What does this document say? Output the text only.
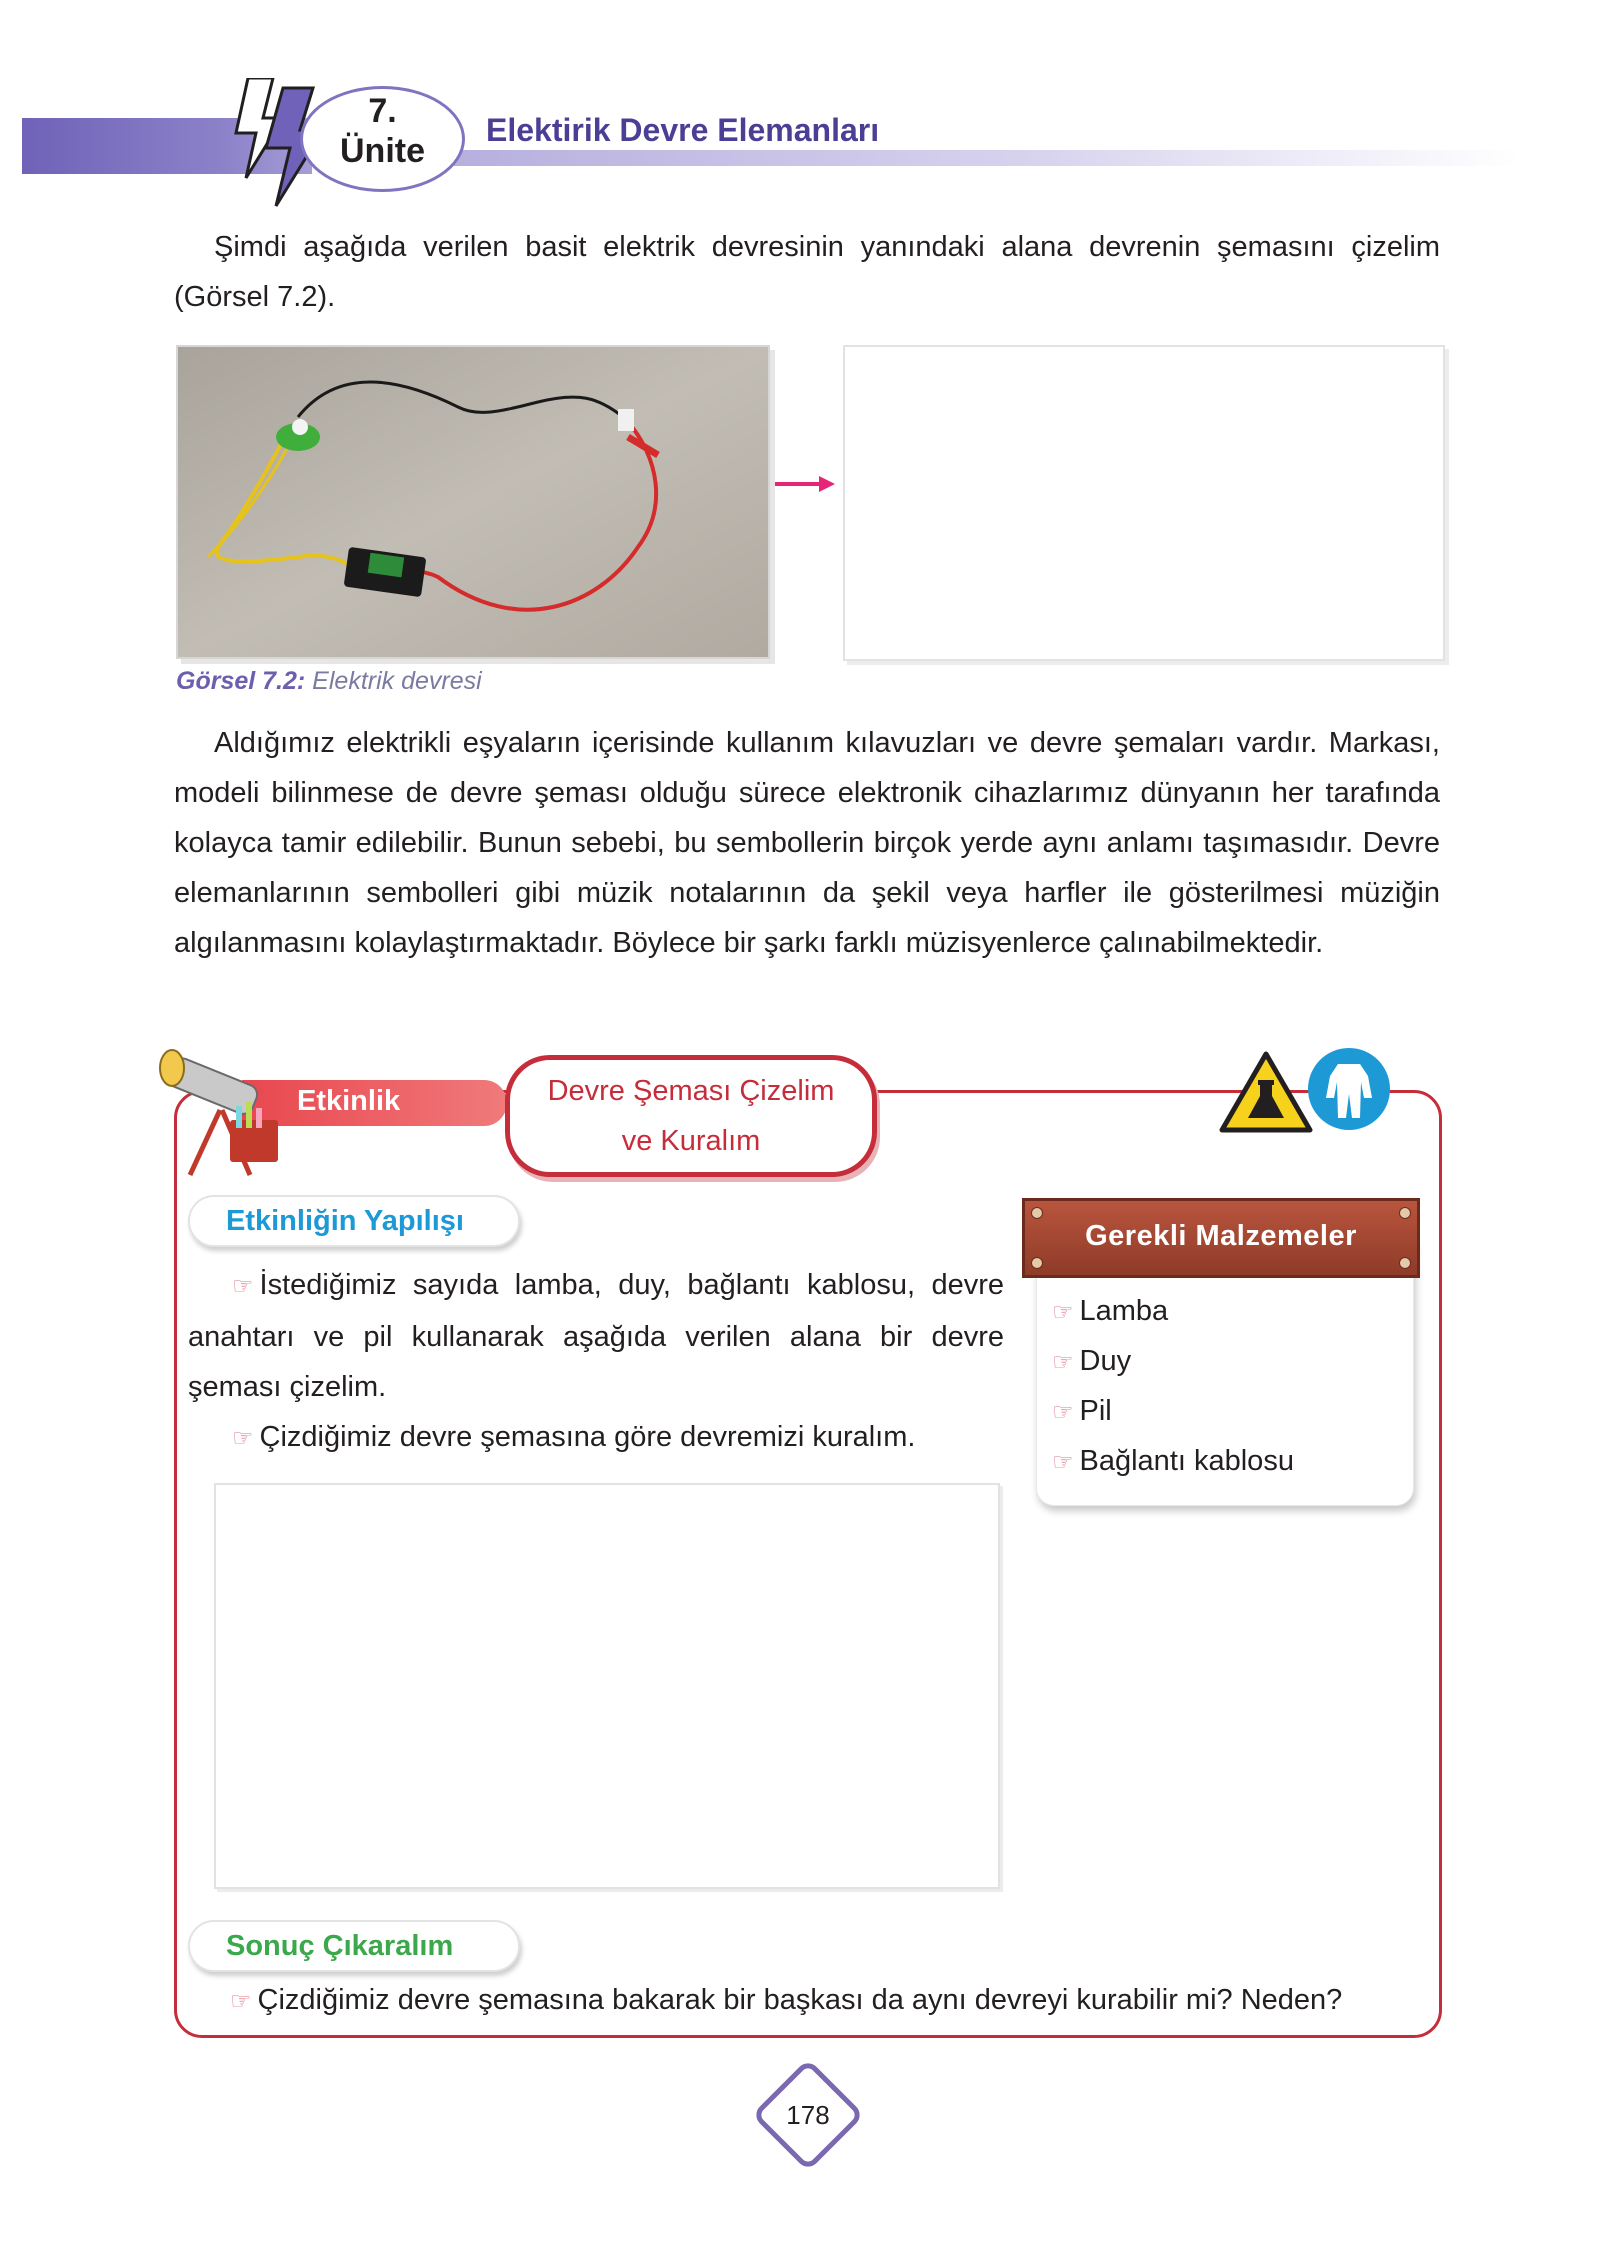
7.
Ünite
Elektirik Devre Elemanları
Şimdi aşağıda verilen basit elektrik devresinin yanındaki alana devrenin şemasını çizelim (Görsel 7.2).
Görsel 7.2: Elektrik devresi
Aldığımız elektrikli eşyaların içerisinde kullanım kılavuzları ve devre şemaları vardır. Markası, modeli bilinmese de devre şeması olduğu sürece elektronik cihazlarımız dünyanın her tarafında kolayca tamir edilebilir. Bunun sebebi, bu sembollerin birçok yerde aynı anlamı taşımasıdır. Devre elemanlarının sembolleri gibi müzik notalarının da şekil veya harfler ile gösterilmesi müziğin algılanmasını kolaylaştırmaktadır. Böylece bir şarkı farklı müzisyenlerce çalınabilmektedir.
Etkinlik	Devre Şeması Çizelim
ve Kuralım
Etkinliğin Yapılışı
☞ İstediğimiz sayıda lamba, duy, bağlantı kablosu, devre anahtarı ve pil kullanarak aşağıda verilen alana bir devre şeması çizelim.
☞ Çizdiğimiz devre şemasına göre devremizi kuralım.
Gerekli Malzemeler
☞ Lamba
☞ Duy
☞ Pil
☞ Bağlantı kablosu
Sonuç Çıkaralım
☞ Çizdiğimiz devre şemasına bakarak bir başkası da aynı devreyi kurabilir mi? Neden?
178
